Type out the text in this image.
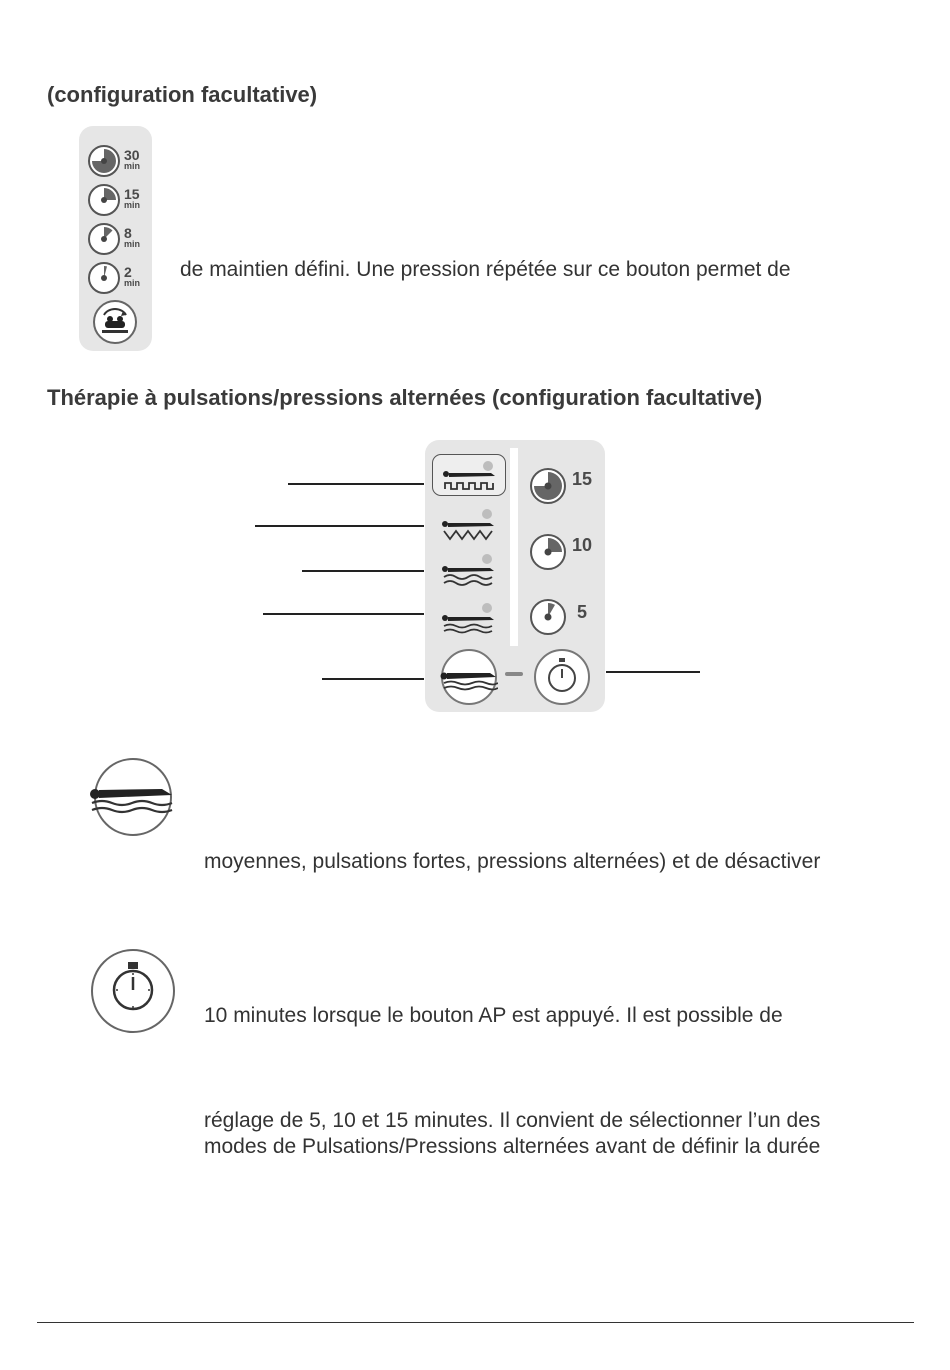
(configuration facultative)
30
min
15
min
8
min
2
min
de maintien défini. Une pression répétée sur ce bouton permet de
Thérapie à pulsations/pressions alternées (configuration facultative)
15
10
5
moyennes, pulsations fortes, pressions alternées) et de désactiver
10 minutes lorsque le bouton AP est appuyé. Il est possible de
réglage de 5, 10 et 15 minutes. Il convient de sélectionner l’un des
modes de Pulsations/Pressions alternées avant de définir la durée
